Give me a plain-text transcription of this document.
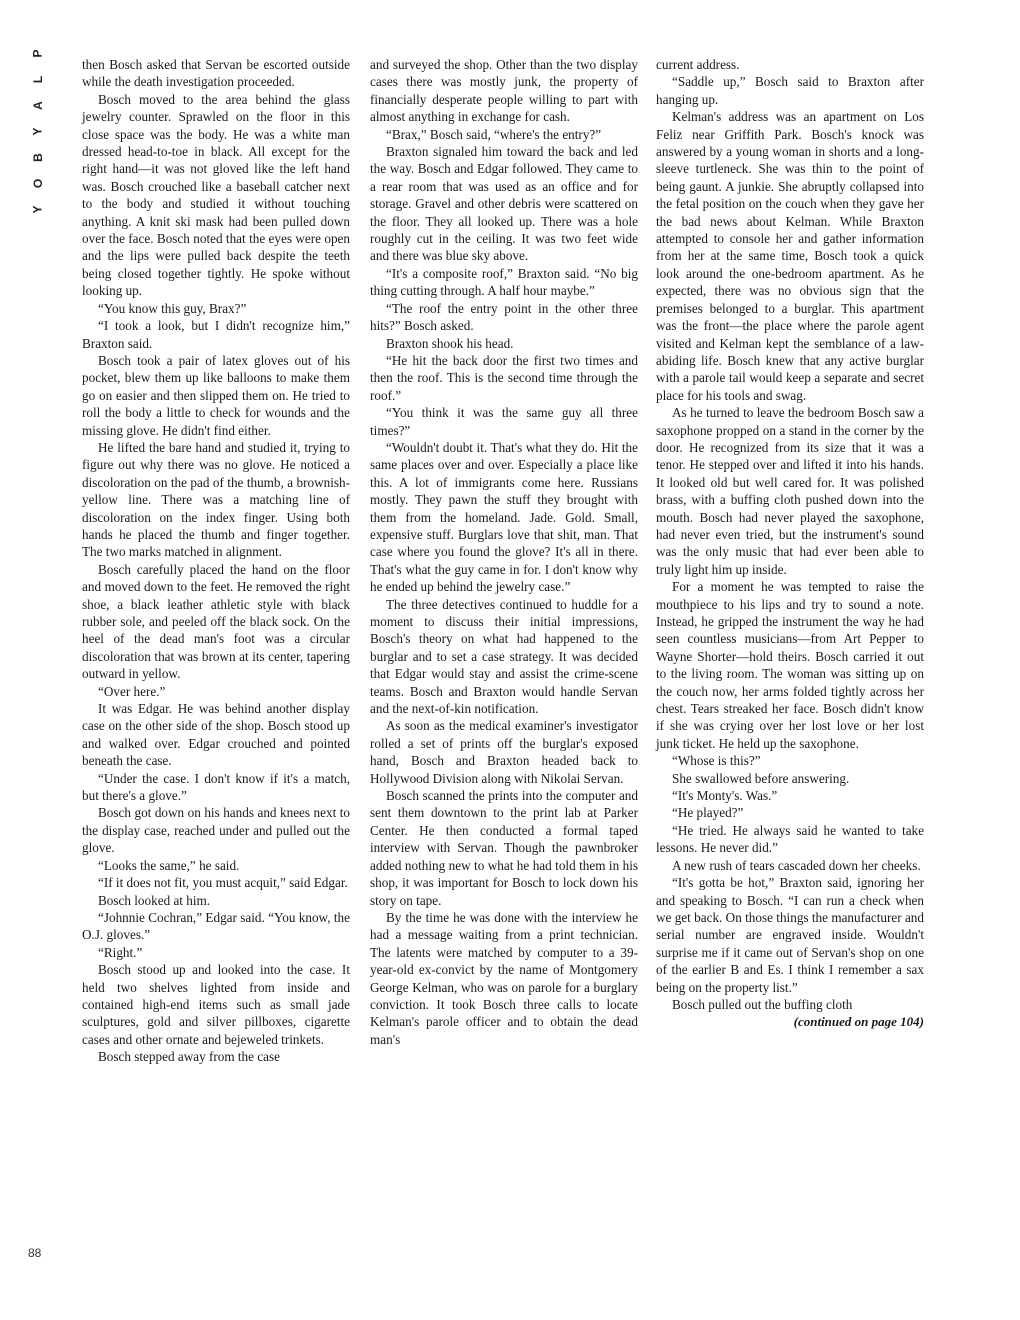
P
L
A
Y
B
O
Y

then Bosch asked that Servan be escorted outside while the death investigation proceeded.

Bosch moved to the area behind the glass jewelry counter. Sprawled on the floor in this close space was the body. He was a white man dressed head-to-toe in black. All except for the right hand—it was not gloved like the left hand was. Bosch crouched like a baseball catcher next to the body and studied it without touching anything. A knit ski mask had been pulled down over the face. Bosch noted that the eyes were open and the lips were pulled back despite the teeth being closed together tightly. He spoke without looking up.

“You know this guy, Brax?”

“I took a look, but I didn't recognize him,” Braxton said.

Bosch took a pair of latex gloves out of his pocket, blew them up like balloons to make them go on easier and then slipped them on. He tried to roll the body a little to check for wounds and the missing glove. He didn't find either.

He lifted the bare hand and studied it, trying to figure out why there was no glove. He noticed a discoloration on the pad of the thumb, a brownish-yellow line. There was a matching line of discoloration on the index finger. Using both hands he placed the thumb and finger together. The two marks matched in alignment.

Bosch carefully placed the hand on the floor and moved down to the feet. He removed the right shoe, a black leather athletic style with black rubber sole, and peeled off the black sock. On the heel of the dead man's foot was a circular discoloration that was brown at its center, tapering outward in yellow.

“Over here.”

It was Edgar. He was behind another display case on the other side of the shop. Bosch stood up and walked over. Edgar crouched and pointed beneath the case.

“Under the case. I don't know if it's a match, but there's a glove.”

Bosch got down on his hands and knees next to the display case, reached under and pulled out the glove.

“Looks the same,” he said.

“If it does not fit, you must acquit,” said Edgar.

Bosch looked at him.

“Johnnie Cochran,” Edgar said. “You know, the O.J. gloves.”

“Right.”

Bosch stood up and looked into the case. It held two shelves lighted from inside and contained high-end items such as small jade sculptures, gold and silver pillboxes, cigarette cases and other ornate and bejeweled trinkets.

Bosch stepped away from the case

and surveyed the shop. Other than the two display cases there was mostly junk, the property of financially desperate people willing to part with almost anything in exchange for cash.

“Brax,” Bosch said, “where's the entry?”

Braxton signaled him toward the back and led the way. Bosch and Edgar followed. They came to a rear room that was used as an office and for storage. Gravel and other debris were scattered on the floor. They all looked up. There was a hole roughly cut in the ceiling. It was two feet wide and there was blue sky above.

“It's a composite roof,” Braxton said. “No big thing cutting through. A half hour maybe.”

“The roof the entry point in the other three hits?” Bosch asked.

Braxton shook his head.

“He hit the back door the first two times and then the roof. This is the second time through the roof.”

“You think it was the same guy all three times?”

“Wouldn't doubt it. That's what they do. Hit the same places over and over. Especially a place like this. A lot of immigrants come here. Russians mostly. They pawn the stuff they brought with them from the homeland. Jade. Gold. Small, expensive stuff. Burglars love that shit, man. That case where you found the glove? It's all in there. That's what the guy came in for. I don't know why he ended up behind the jewelry case.”

The three detectives continued to huddle for a moment to discuss their initial impressions, Bosch's theory on what had happened to the burglar and to set a case strategy. It was decided that Edgar would stay and assist the crime-scene teams. Bosch and Braxton would handle Servan and the next-of-kin notification.

As soon as the medical examiner's investigator rolled a set of prints off the burglar's exposed hand, Bosch and Braxton headed back to Hollywood Division along with Nikolai Servan.

Bosch scanned the prints into the computer and sent them downtown to the print lab at Parker Center. He then conducted a formal taped interview with Servan. Though the pawnbroker added nothing new to what he had told them in his shop, it was important for Bosch to lock down his story on tape.

By the time he was done with the interview he had a message waiting from a print technician. The latents were matched by computer to a 39-year-old ex-convict by the name of Montgomery George Kelman, who was on parole for a burglary conviction. It took Bosch three calls to locate Kelman's parole officer and to obtain the dead man's

current address.

“Saddle up,” Bosch said to Braxton after hanging up.

Kelman's address was an apartment on Los Feliz near Griffith Park. Bosch's knock was answered by a young woman in shorts and a long-sleeve turtleneck. She was thin to the point of being gaunt. A junkie. She abruptly collapsed into the fetal position on the couch when they gave her the bad news about Kelman. While Braxton attempted to console her and gather information from her at the same time, Bosch took a quick look around the one-bedroom apartment. As he expected, there was no obvious sign that the premises belonged to a burglar. This apartment was the front—the place where the parole agent visited and Kelman kept the semblance of a law-abiding life. Bosch knew that any active burglar with a parole tail would keep a separate and secret place for his tools and swag.

As he turned to leave the bedroom Bosch saw a saxophone propped on a stand in the corner by the door. He recognized from its size that it was a tenor. He stepped over and lifted it into his hands. It looked old but well cared for. It was polished brass, with a buffing cloth pushed down into the mouth. Bosch had never played the saxophone, had never even tried, but the instrument's sound was the only music that had ever been able to truly light him up inside.

For a moment he was tempted to raise the mouthpiece to his lips and try to sound a note. Instead, he gripped the instrument the way he had seen countless musicians—from Art Pepper to Wayne Shorter—hold theirs. Bosch carried it out to the living room. The woman was sitting up on the couch now, her arms folded tightly across her chest. Tears streaked her face. Bosch didn't know if she was crying over her lost love or her lost junk ticket. He held up the saxophone.

“Whose is this?”

She swallowed before answering.

“It's Monty's. Was.”

“He played?”

“He tried. He always said he wanted to take lessons. He never did.”

A new rush of tears cascaded down her cheeks.

“It's gotta be hot,” Braxton said, ignoring her and speaking to Bosch. “I can run a check when we get back. On those things the manufacturer and serial number are engraved inside. Wouldn't surprise me if it came out of Servan's shop on one of the earlier B and Es. I think I remember a sax being on the property list.”

Bosch pulled out the buffing cloth

(continued on page 104)

88
